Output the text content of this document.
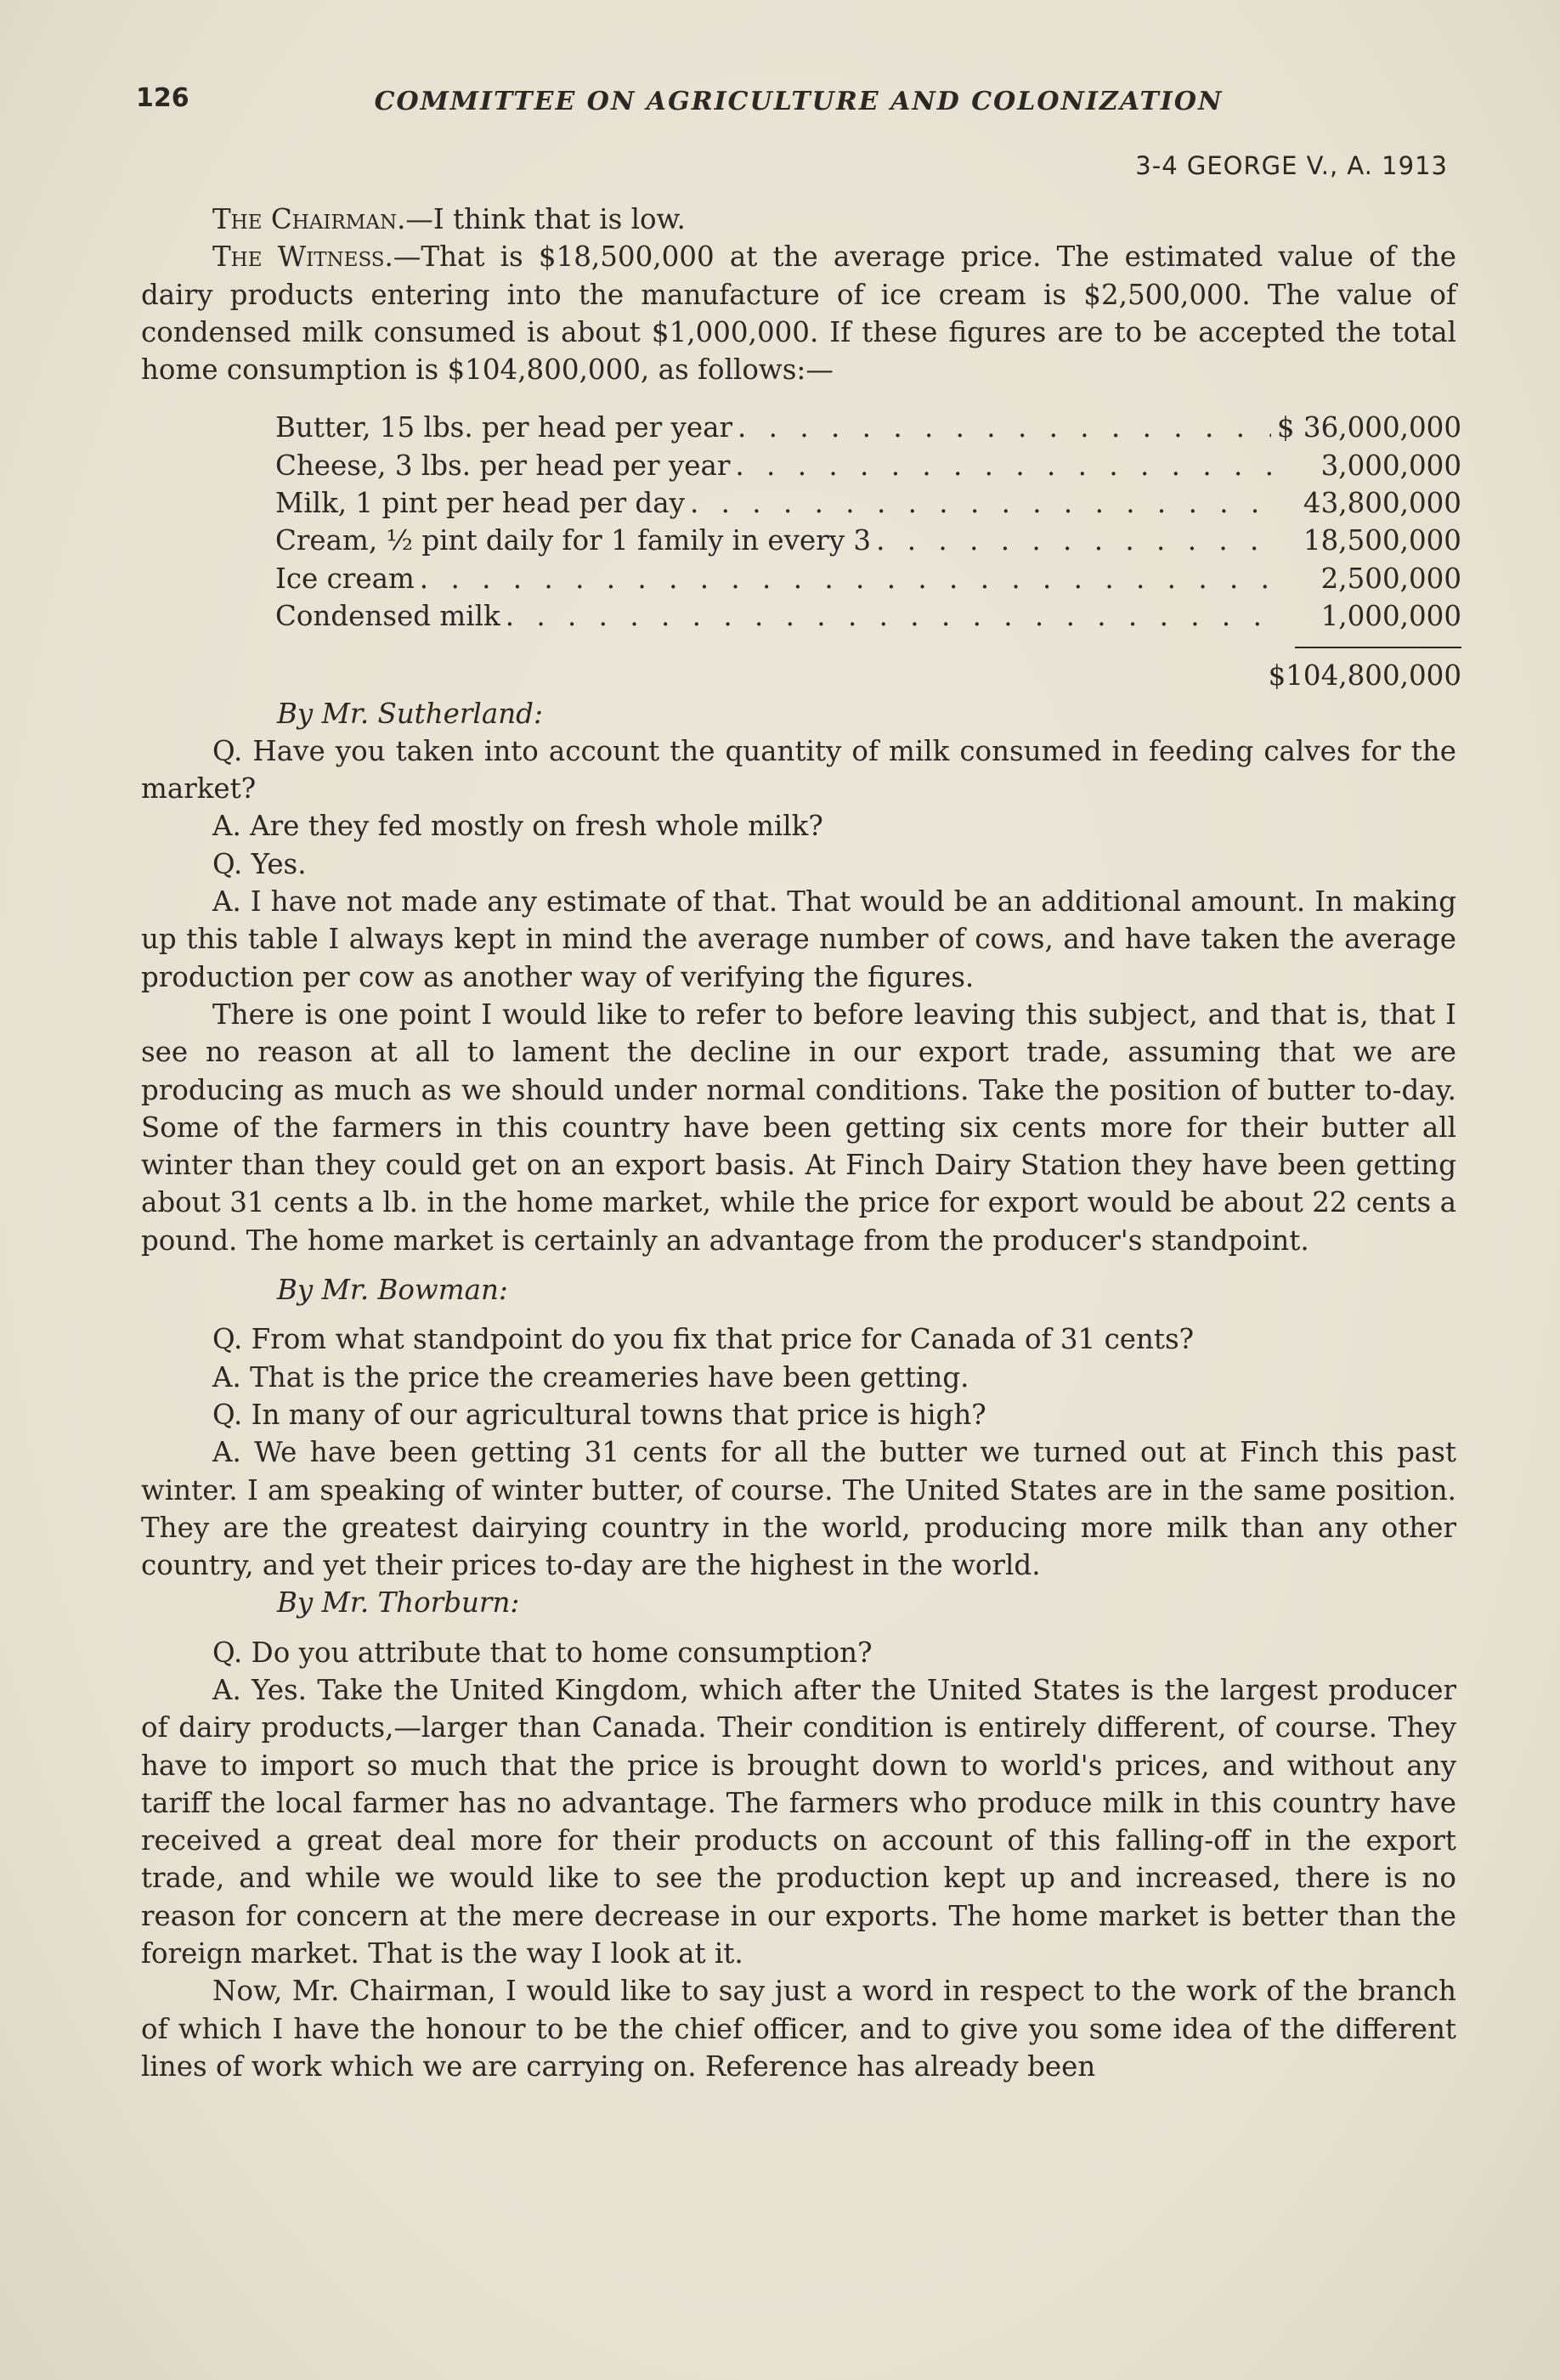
126	COMMITTEE ON AGRICULTURE AND COLONIZATION
3-4 GEORGE V., A. 1913

The Chairman.—I think that is low.

The Witness.—That is $18,500,000 at the average price. The estimated value of the dairy products entering into the manufacture of ice cream is $2,500,000. The value of condensed milk consumed is about $1,000,000. If these figures are to be accepted the total home consumption is $104,800,000, as follows:—

Butter, 15 lbs. per head per year . . .	$ 36,000,000
Cheese, 3 lbs. per head per year . . .	3,000,000
Milk, 1 pint per head per day . . .	43,800,000
Cream, ½ pint daily for 1 family in every 3 . . .	18,500,000
Ice cream . . .	2,500,000
Condensed milk . . .	1,000,000
$104,800,000
By Mr. Sutherland:

Q. Have you taken into account the quantity of milk consumed in feeding calves for the market?

A. Are they fed mostly on fresh whole milk?

Q. Yes.

A. I have not made any estimate of that. That would be an additional amount. In making up this table I always kept in mind the average number of cows, and have taken the average production per cow as another way of verifying the figures.

There is one point I would like to refer to before leaving this subject, and that is, that I see no reason at all to lament the decline in our export trade, assuming that we are producing as much as we should under normal conditions. Take the position of butter to-day. Some of the farmers in this country have been getting six cents more for their butter all winter than they could get on an export basis. At Finch Dairy Station they have been getting about 31 cents a lb. in the home market, while the price for export would be about 22 cents a pound. The home market is certainly an advantage from the producer's standpoint.

By Mr. Bowman:

Q. From what standpoint do you fix that price for Canada of 31 cents?

A. That is the price the creameries have been getting.

Q. In many of our agricultural towns that price is high?

A. We have been getting 31 cents for all the butter we turned out at Finch this past winter. I am speaking of winter butter, of course. The United States are in the same position. They are the greatest dairying country in the world, producing more milk than any other country, and yet their prices to-day are the highest in the world.

By Mr. Thorburn:

Q. Do you attribute that to home consumption?

A. Yes. Take the United Kingdom, which after the United States is the largest producer of dairy products,—larger than Canada. Their condition is entirely different, of course. They have to import so much that the price is brought down to world's prices, and without any tariff the local farmer has no advantage. The farmers who produce milk in this country have received a great deal more for their products on account of this falling-off in the export trade, and while we would like to see the production kept up and increased, there is no reason for concern at the mere decrease in our exports. The home market is better than the foreign market. That is the way I look at it.

Now, Mr. Chairman, I would like to say just a word in respect to the work of the branch of which I have the honour to be the chief officer, and to give you some idea of the different lines of work which we are carrying on. Reference has already been
